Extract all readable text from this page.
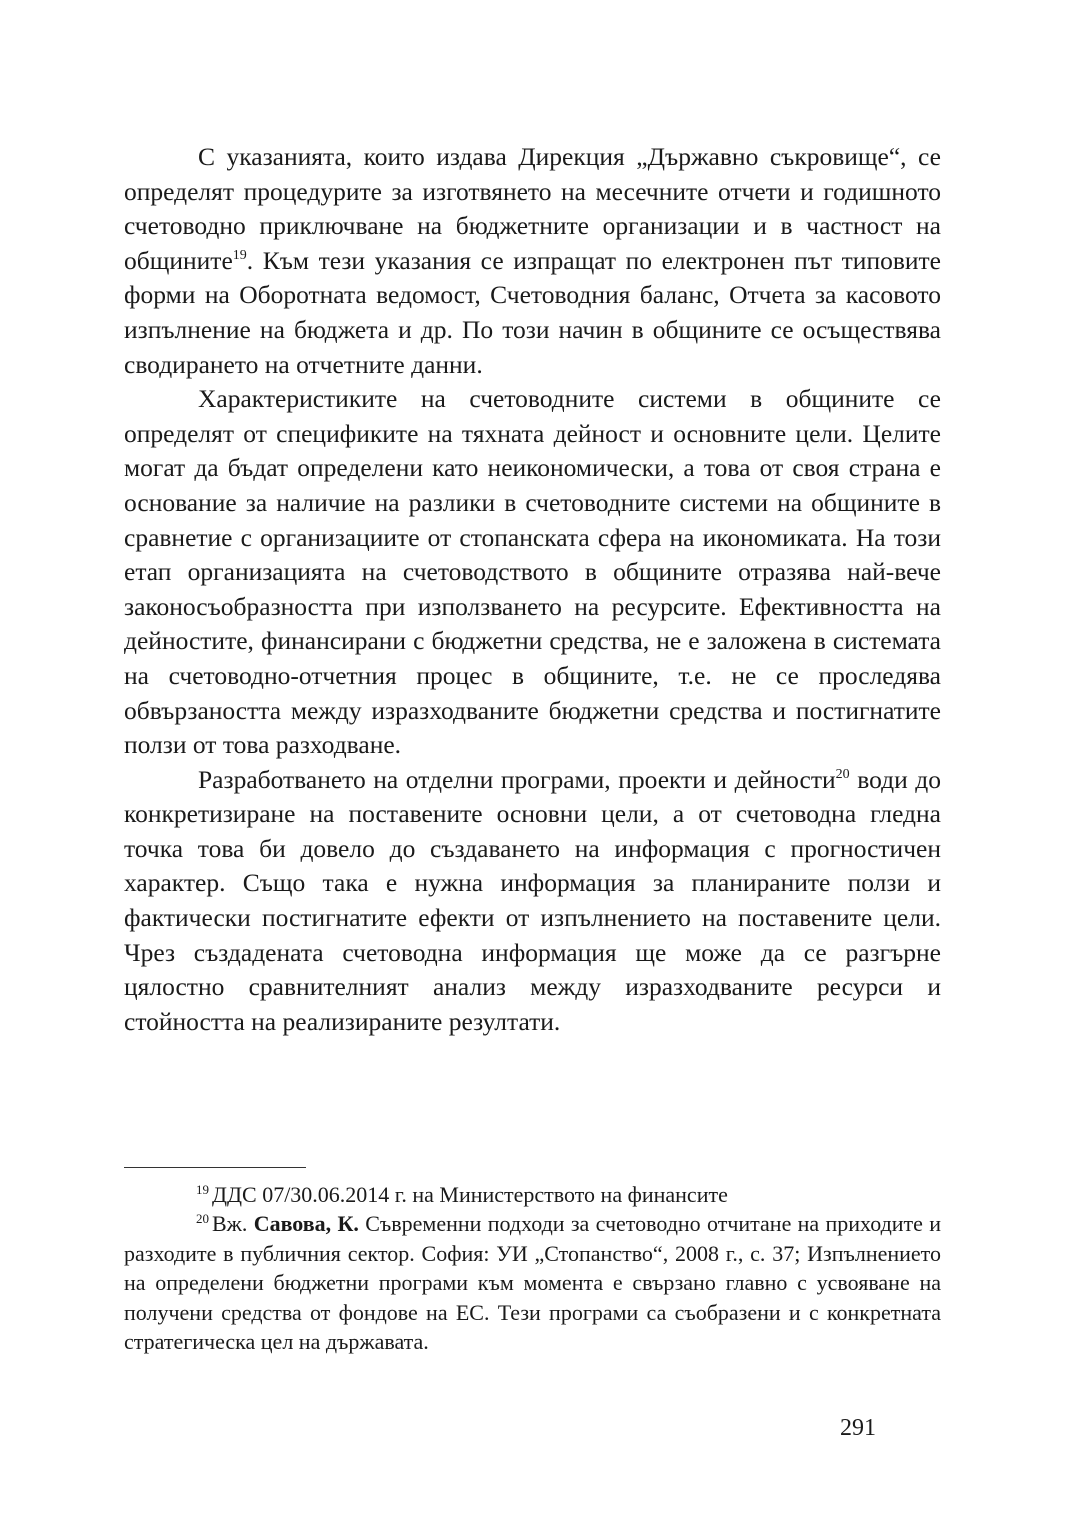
С указанията, които издава Дирекция „Държавно съкровище“, се определят процедурите за изготвянето на месечните отчети и годишното счетоводно приключване на бюджетните организации и в частност на общините$^{19}$. Към тези указания се изпращат по електронен път типовите форми на Оборотната ведомост, Счетоводния баланс, Отчета за касовото изпълнение на бюджета и др. По този начин в общините се осъществява сводирането на отчетните данни.

Характеристиките на счетоводните системи в общините се определят от спецификите на тяхната дейност и основните цели. Целите могат да бъдат определени като неикономически, а това от своя страна е основание за наличие на разлики в счетоводните системи на общините в сравнетие с организациите от стопанската сфера на икономиката. На този етап организацията на счетоводството в общините отразява най-вече законосъобразността при използването на ресурсите. Ефективността на дейностите, финансирани с бюджетни средства, не е заложена в системата на счетоводно-отчетния процес в общините, т.е. не се проследява обвързаността между изразходваните бюджетни средства и постигнатите ползи от това разходване.

Разработването на отделни програми, проекти и дейности$^{20}$ води до конкретизиране на поставените основни цели, а от счетоводна гледна точка това би довело до създаването на информация с прогностичен характер. Също така е нужна информация за планираните ползи и фактически постигнатите ефекти от изпълнението на поставените цели. Чрез създадената счетоводна информация ще може да се разгърне цялостно сравнителният анализ между изразходваните ресурси и стойността на реализираните резултати.

$^{19}$ ДДС 07/30.06.2014 г. на Министерството на финансите

$^{20}$ Вж. Савова, К. Съвременни подходи за счетоводно отчитане на приходите и разходите в публичния сектор. София: УИ „Стопанство“, 2008 г., с. 37; Изпълнението на определени бюджетни програми към момента е свързано главно с усвояване на получени средства от фондове на ЕС. Тези програми са съобразени и с конкретната стратегическа цел на държавата.

291
